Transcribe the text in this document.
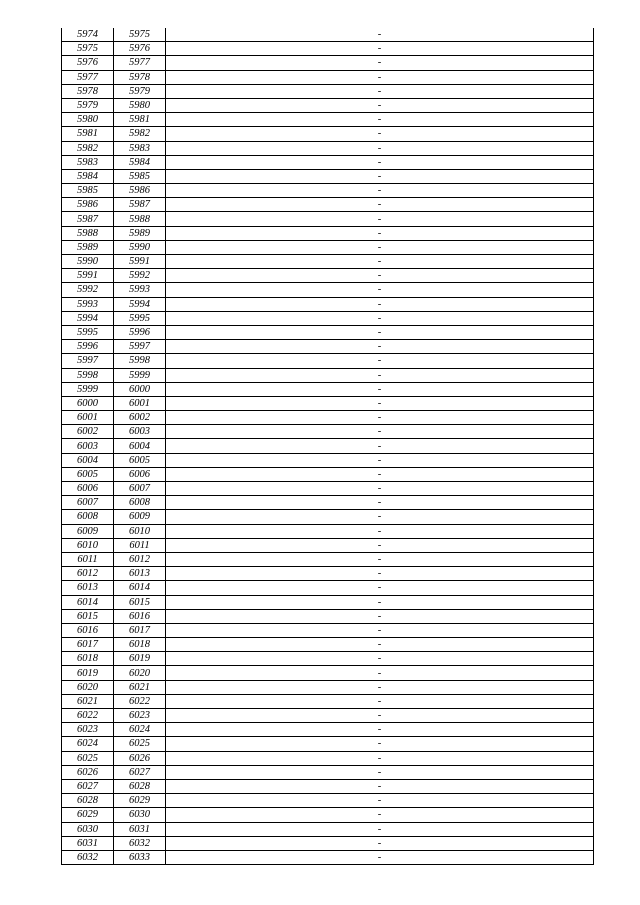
5974	5975	-
5975	5976	-
5976	5977	-
5977	5978	-
5978	5979	-
5979	5980	-
5980	5981	-
5981	5982	-
5982	5983	-
5983	5984	-
5984	5985	-
5985	5986	-
5986	5987	-
5987	5988	-
5988	5989	-
5989	5990	-
5990	5991	-
5991	5992	-
5992	5993	-
5993	5994	-
5994	5995	-
5995	5996	-
5996	5997	-
5997	5998	-
5998	5999	-
5999	6000	-
6000	6001	-
6001	6002	-
6002	6003	-
6003	6004	-
6004	6005	-
6005	6006	-
6006	6007	-
6007	6008	-
6008	6009	-
6009	6010	-
6010	6011	-
6011	6012	-
6012	6013	-
6013	6014	-
6014	6015	-
6015	6016	-
6016	6017	-
6017	6018	-
6018	6019	-
6019	6020	-
6020	6021	-
6021	6022	-
6022	6023	-
6023	6024	-
6024	6025	-
6025	6026	-
6026	6027	-
6027	6028	-
6028	6029	-
6029	6030	-
6030	6031	-
6031	6032	-
6032	6033	-
